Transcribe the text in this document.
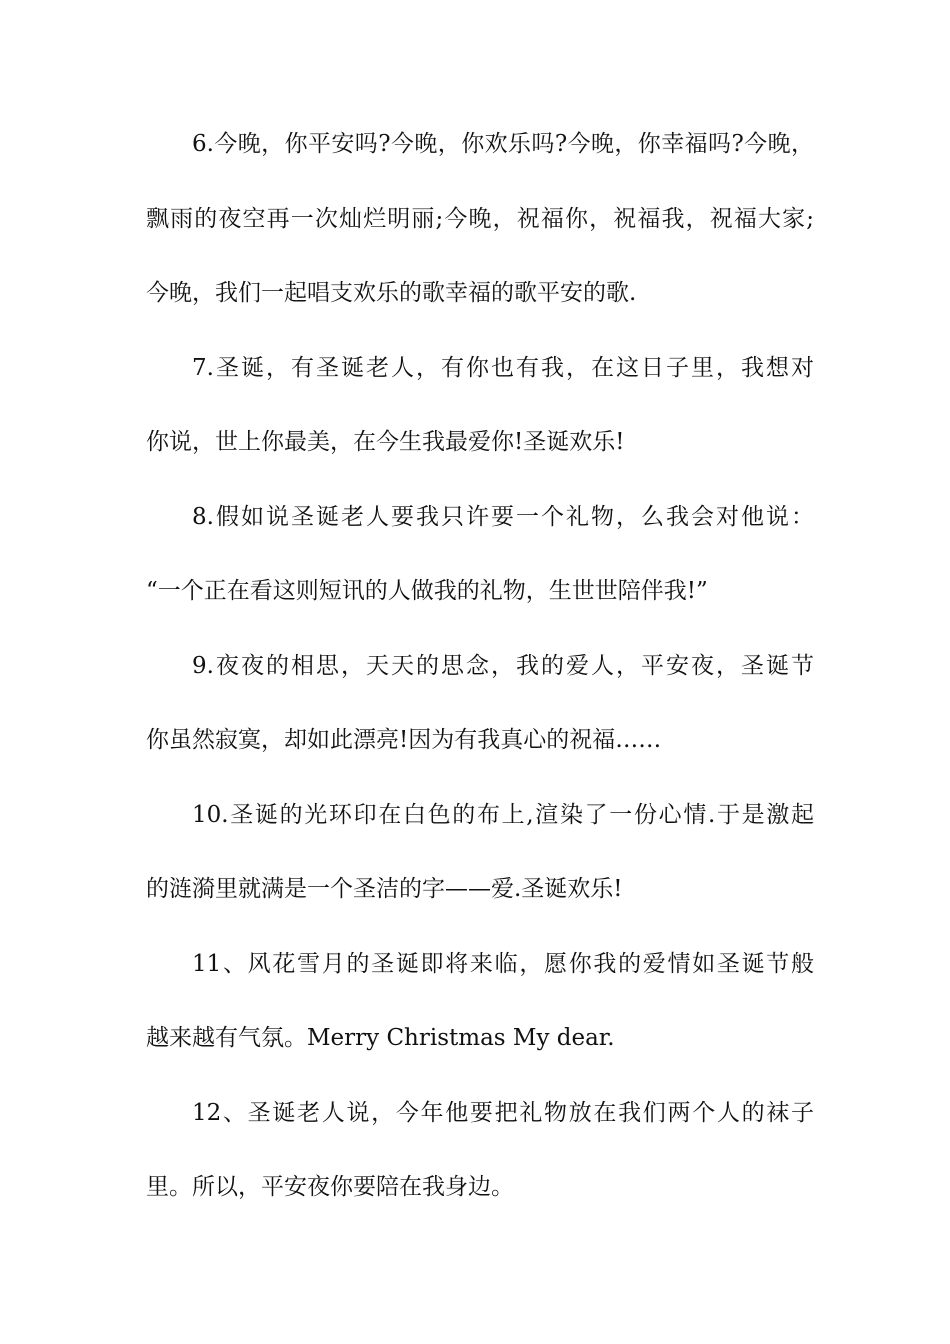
6.今晚，你平安吗?今晚，你欢乐吗?今晚，你幸福吗?今晚，
飘雨的夜空再一次灿烂明丽;今晚，祝福你，祝福我，祝福大家;
今晚，我们一起唱支欢乐的歌幸福的歌平安的歌.
7.圣诞，有圣诞老人，有你也有我，在这日子里，我想对
你说，世上你最美，在今生我最爱你!圣诞欢乐!
8.假如说圣诞老人要我只许要一个礼物，么我会对他说：
“一个正在看这则短讯的人做我的礼物，生世世陪伴我!”
9.夜夜的相思，天天的思念，我的爱人，平安夜，圣诞节
你虽然寂寞，却如此漂亮!因为有我真心的祝福……
10.圣诞的光环印在白色的布上,渲染了一份心情.于是激起
的涟漪里就满是一个圣洁的字——爱.圣诞欢乐!
11、风花雪月的圣诞即将来临，愿你我的爱情如圣诞节般
越来越有气氛。Merry Christmas My dear.
12、圣诞老人说，今年他要把礼物放在我们两个人的袜子
里。所以，平安夜你要陪在我身边。
